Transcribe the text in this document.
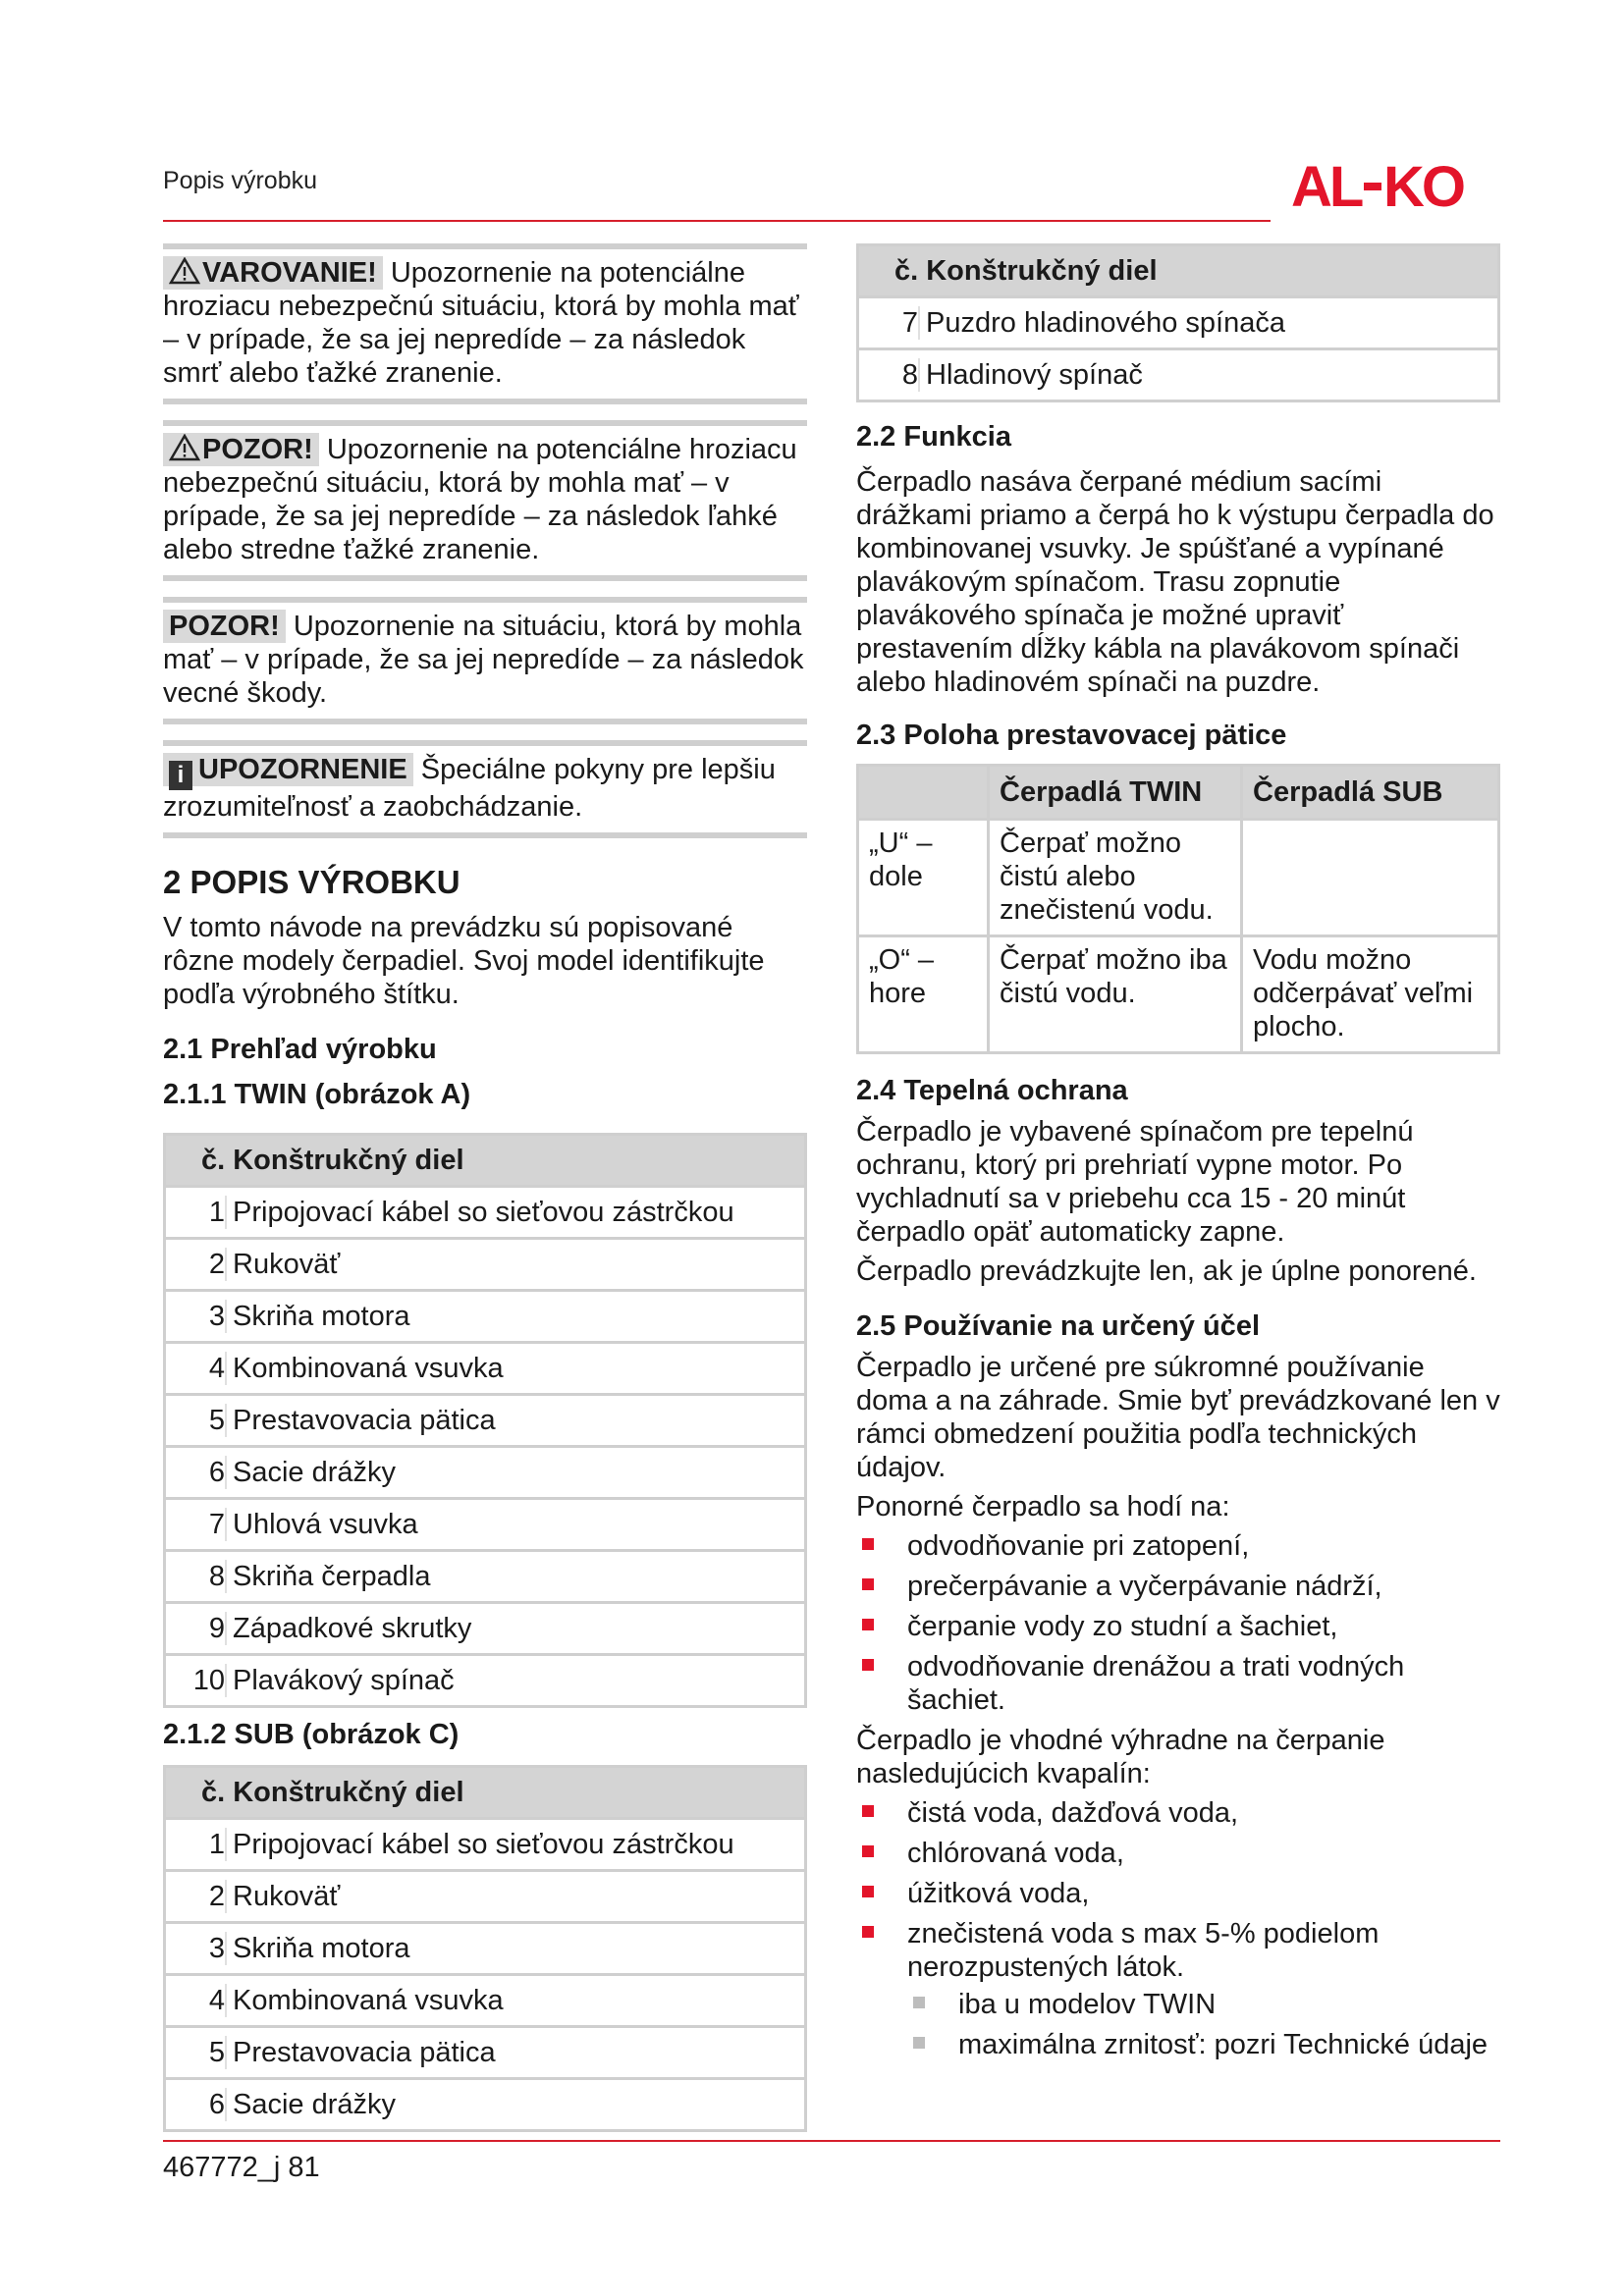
Popis výrobku	AL KO
VAROVANIE! Upozornenie na potenciálne hroziacu nebezpečnú situáciu, ktorá by mohla mať – v prípade, že sa jej nepredíde – za následok smrť alebo ťažké zranenie.
POZOR! Upozornenie na potenciálne hroziacu nebezpečnú situáciu, ktorá by mohla mať – v prípade, že sa jej nepredíde – za následok ľahké alebo stredne ťažké zranenie.
POZOR! Upozornenie na situáciu, ktorá by mohla mať – v prípade, že sa jej nepredíde – za následok vecné škody.
i UPOZORNENIE Špeciálne pokyny pre lepšiu zrozumiteľnosť a zaobchádzanie.
2 POPIS VÝROBKU

V tomto návode na prevádzku sú popisované rôzne modely čerpadiel. Svoj model identifikujte podľa výrobného štítku.

2.1 Prehľad výrobku
2.1.1 TWIN (obrázok A)
č. Konštrukčný diel	
1	Pripojovací kábel so sieťovou zástrčkou
2	Rukoväť
3	Skriňa motora
4	Kombinovaná vsuvka
5	Prestavovacia pätica
6	Sacie drážky
7	Uhlová vsuvka
8	Skriňa čerpadla
9	Západkové skrutky
10	Plavákový spínač
2.1.2 SUB (obrázok C)
č. Konštrukčný diel	
1	Pripojovací kábel so sieťovou zástrčkou
2	Rukoväť
3	Skriňa motora
4	Kombinovaná vsuvka
5	Prestavovacia pätica
6	Sacie drážky
č. Konštrukčný diel	
7	Puzdro hladinového spínača
8	Hladinový spínač
2.2 Funkcia

Čerpadlo nasáva čerpané médium sacími drážkami priamo a čerpá ho k výstupu čerpadla do kombinovanej vsuvky. Je spúšťané a vypínané plavákovým spínačom. Trasu zopnutie plavákového spínača je možné upraviť prestavením dĺžky kábla na plavákovom spínači alebo hladinovém spínači na puzdre.

2.3 Poloha prestavovacej pätice
	Čerpadlá TWIN	Čerpadlá SUB
„U“ – dole	Čerpať možno čistú alebo znečistenú vodu.	
„O“ – hore	Čerpať možno iba čistú vodu.	Vodu možno odčerpávať veľmi plocho.
2.4 Tepelná ochrana

Čerpadlo je vybavené spínačom pre tepelnú ochranu, ktorý pri prehriatí vypne motor. Po vychladnutí sa v priebehu cca 15 - 20 minút čerpadlo opäť automaticky zapne.

Čerpadlo prevádzkujte len, ak je úplne ponorené.

2.5 Používanie na určený účel

Čerpadlo je určené pre súkromné používanie doma a na záhrade. Smie byť prevádzkované len v rámci obmedzení použitia podľa technických údajov.

Ponorné čerpadlo sa hodí na:

odvodňovanie pri zatopení,
prečerpávanie a vyčerpávanie nádrží,
čerpanie vody zo studní a šachiet,
odvodňovanie drenážou a trati vodných šachiet.

Čerpadlo je vhodné výhradne na čerpanie nasledujúcich kvapalín:

čistá voda, dažďová voda,
chlórovaná voda,
úžitková voda,
znečistená voda s max 5-% podielom nerozpustených látok.
iba u modelov TWIN
maximálna zrnitosť: pozri Technické údaje
467772_j 81
